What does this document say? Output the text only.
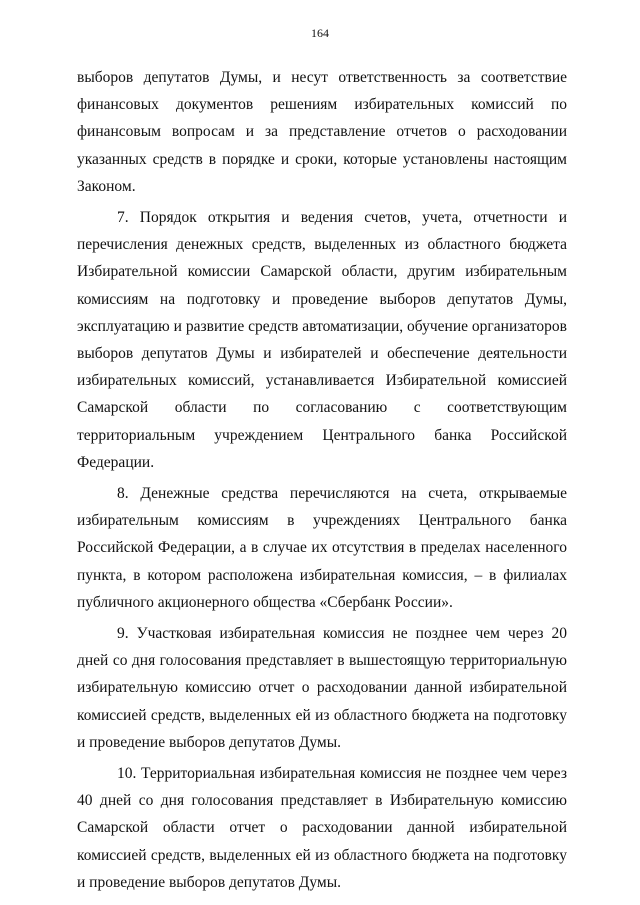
164

выборов депутатов Думы, и несут ответственность за соответствие финансовых документов решениям избирательных комиссий по финансовым вопросам и за представление отчетов о расходовании указанных средств в порядке и сроки, которые установлены настоящим Законом.

7. Порядок открытия и ведения счетов, учета, отчетности и перечисления денежных средств, выделенных из областного бюджета Избирательной комиссии Самарской области, другим избирательным комиссиям на подготовку и проведение выборов депутатов Думы, эксплуатацию и развитие средств автоматизации, обучение организаторов выборов депутатов Думы и избирателей и обеспечение деятельности избирательных комиссий, устанавливается Избирательной комиссией Самарской области по согласованию с соответствующим территориальным учреждением Центрального банка Российской Федерации.

8. Денежные средства перечисляются на счета, открываемые избирательным комиссиям в учреждениях Центрального банка Российской Федерации, а в случае их отсутствия в пределах населенного пункта, в котором расположена избирательная комиссия, – в филиалах публичного акционерного общества «Сбербанк России».

9. Участковая избирательная комиссия не позднее чем через 20 дней со дня голосования представляет в вышестоящую территориальную избирательную комиссию отчет о расходовании данной избирательной комиссией средств, выделенных ей из областного бюджета на подготовку и проведение выборов депутатов Думы.

10. Территориальная избирательная комиссия не позднее чем через 40 дней со дня голосования представляет в Избирательную комиссию Самарской области отчет о расходовании данной избирательной комиссией средств, выделенных ей из областного бюджета на подготовку и проведение выборов депутатов Думы.
